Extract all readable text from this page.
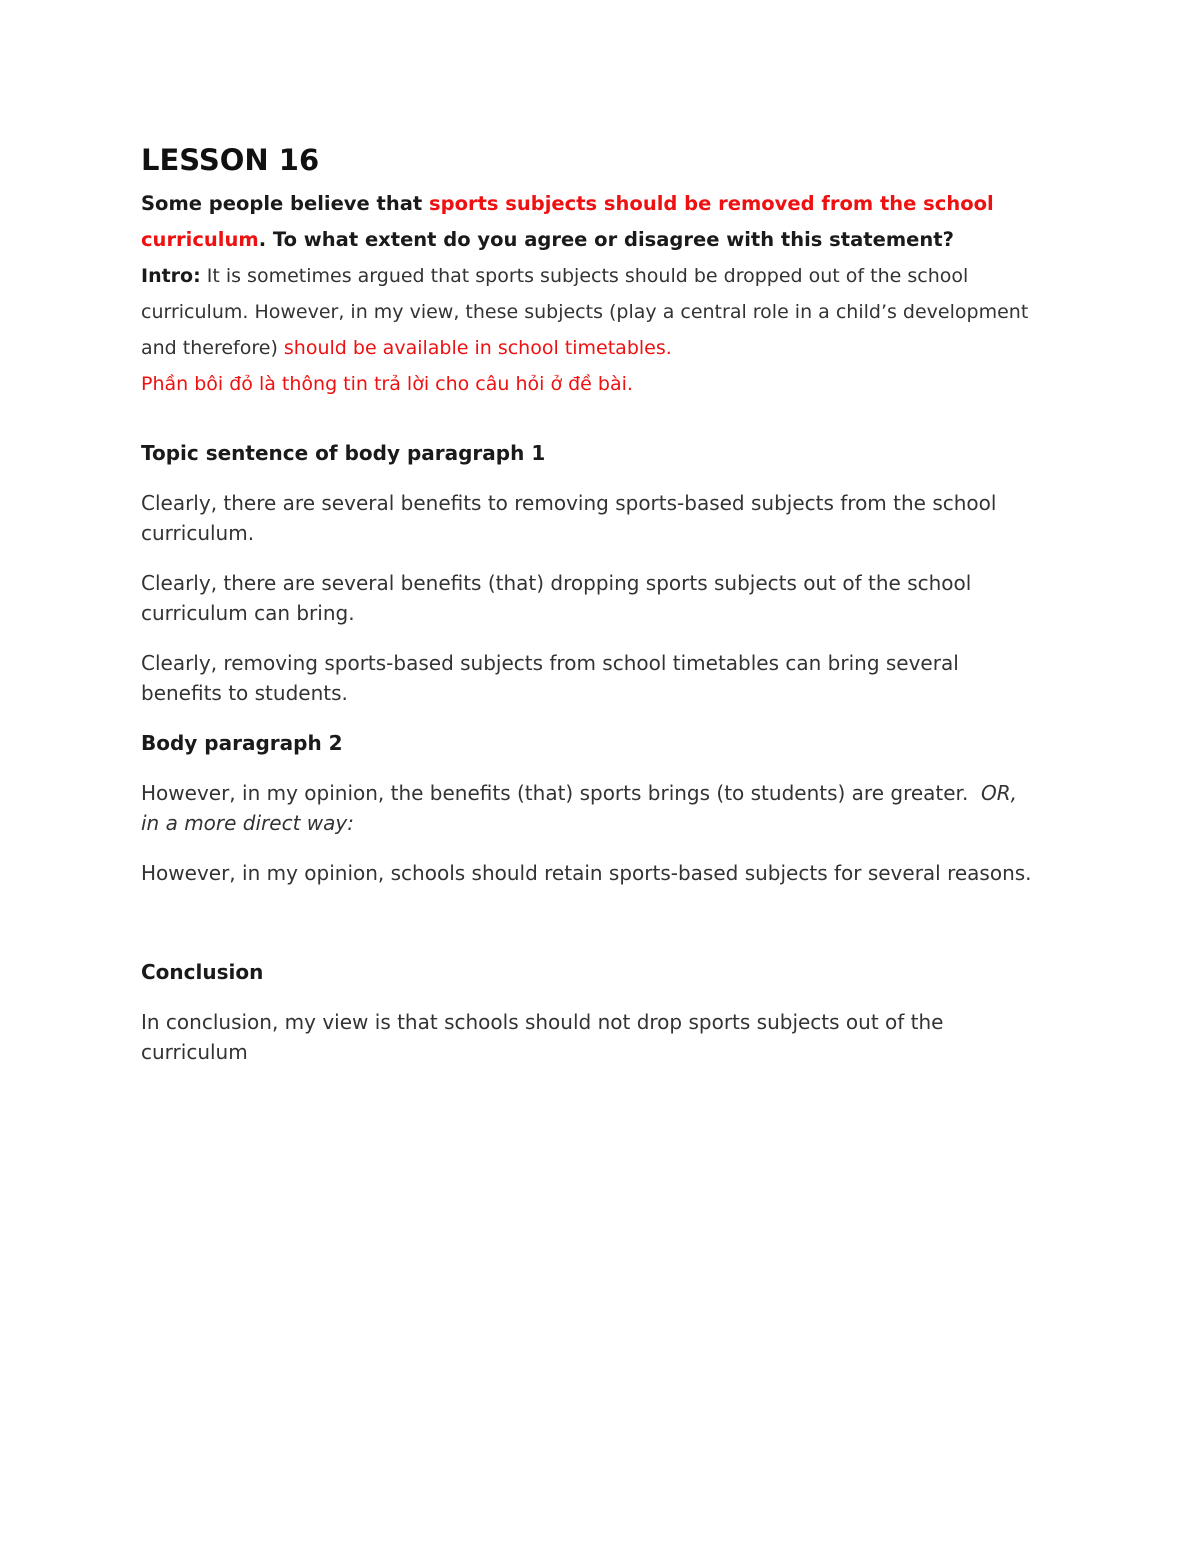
LESSON 16

Some people believe that sports subjects should be removed from the school curriculum. To what extent do you agree or disagree with this statement?

Intro: It is sometimes argued that sports subjects should be dropped out of the school curriculum. However, in my view, these subjects (play a central role in a child’s development and therefore) should be available in school timetables.

Phần bôi đỏ là thông tin trả lời cho câu hỏi ở đề bài.

Topic sentence of body paragraph 1

Clearly, there are several benefits to removing sports-based subjects from the school curriculum.

Clearly, there are several benefits (that) dropping sports subjects out of the school curriculum can bring.

Clearly, removing sports-based subjects from school timetables can bring several benefits to students.

Body paragraph 2

However, in my opinion, the benefits (that) sports brings (to students) are greater. OR, in a more direct way:

However, in my opinion, schools should retain sports-based subjects for several reasons.

Conclusion

In conclusion, my view is that schools should not drop sports subjects out of the curriculum
